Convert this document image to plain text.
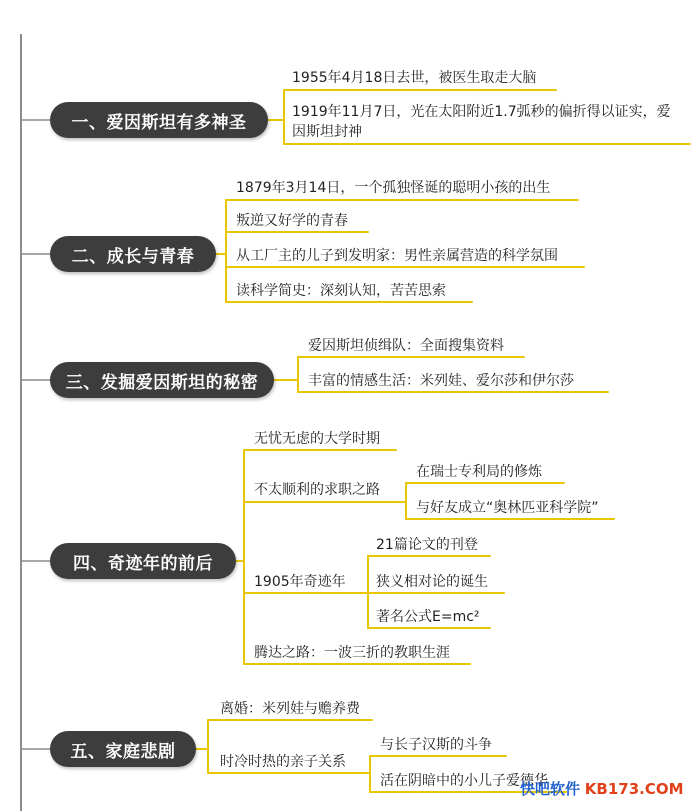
一、爱因斯坦有多神圣
1955年4月18日去世，被医生取走大脑
1919年11月7日，光在太阳附近1.7弧秒的偏折得以证实，爱因斯坦封神
二、成长与青春
1879年3月14日，一个孤独怪诞的聪明小孩的出生
叛逆又好学的青春
从工厂主的儿子到发明家：男性亲属营造的科学氛围
读科学简史：深刻认知，苦苦思索
三、发掘爱因斯坦的秘密
爱因斯坦侦缉队：全面搜集资料
丰富的情感生活：米列娃、爱尔莎和伊尔莎
四、奇迹年的前后
无忧无虑的大学时期
不太顺利的求职之路
在瑞士专利局的修炼
与好友成立“奥林匹亚科学院”
1905年奇迹年
21篇论文的刊登
狭义相对论的诞生
著名公式E=mc²
腾达之路：一波三折的教职生涯
五、家庭悲剧
离婚：米列娃与赡养费
时冷时热的亲子关系
与长子汉斯的斗争
活在阴暗中的小儿子爱德华
快吧软件 KB173.COM
